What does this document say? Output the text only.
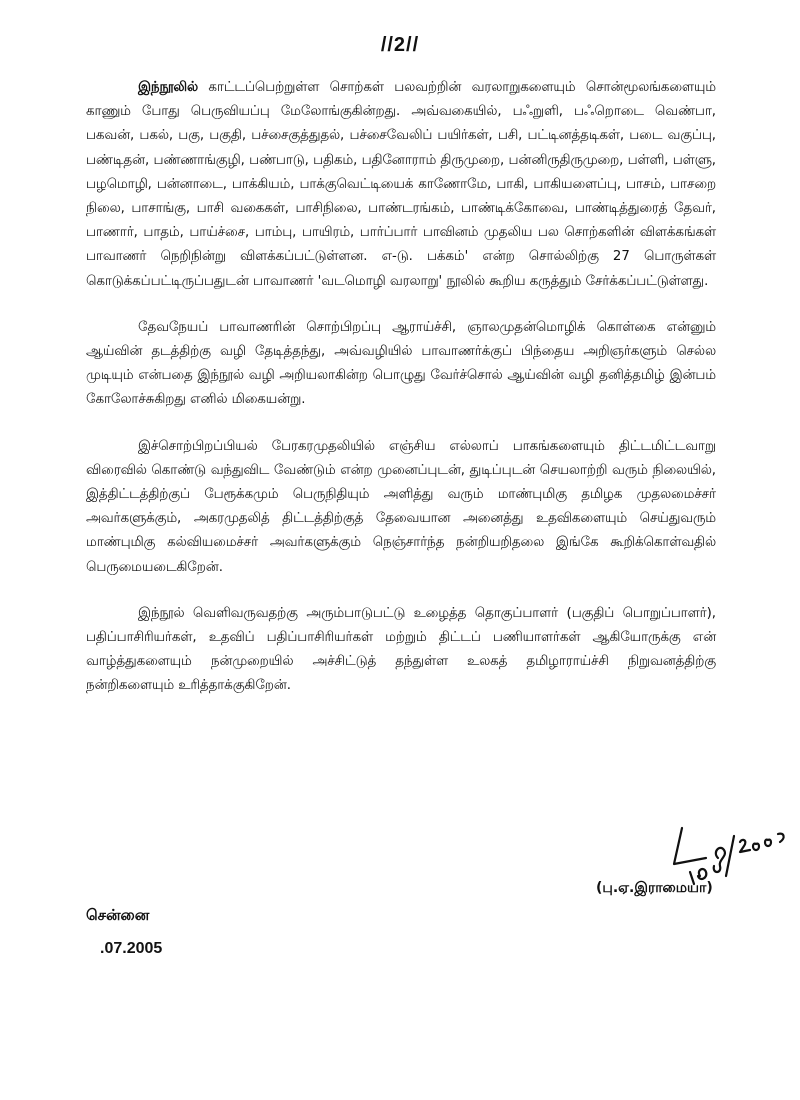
//2//

இந்நூலில் காட்டப்பெற்றுள்ள சொற்கள் பலவற்றின் வரலாறுகளையும் சொன்மூலங்களையும் காணும் போது பெருவியப்பு மேலோங்குகின்றது. அவ்வகையில், பஃறுளி, பஃறொடை வெண்பா, பகவன், பகல், பகு, பகுதி, பச்சைகுத்துதல், பச்சைவேலிப் பயிர்கள், பசி, பட்டினத்தடிகள், படை வகுப்பு, பண்டிதன், பண்ணாங்குழி, பண்பாடு, பதிகம், பதினோராம் திருமுறை, பன்னிருதிருமுறை, பள்ளி, பள்ளு, பழமொழி, பன்னாடை, பாக்கியம், பாக்குவெட்டியைக் காணோமே, பாகி, பாகியளைப்பு, பாசம், பாசறை நிலை, பாசாங்கு, பாசி வகைகள், பாசிநிலை, பாண்டரங்கம், பாண்டிக்கோவை, பாண்டித்துரைத் தேவர், பாணார், பாதம், பாய்ச்சை, பாம்பு, பாயிரம், பார்ப்பார் பாவினம் முதலிய பல சொற்களின் விளக்கங்கள் பாவாணர் நெறிநின்று விளக்கப்பட்டுள்ளன. எ-டு. பக்கம்' என்ற சொல்லிற்கு 27 பொருள்கள் கொடுக்கப்பட்டிருப்பதுடன் பாவாணர் 'வடமொழி வரலாறு' நூலில் கூறிய கருத்தும் சேர்க்கப்பட்டுள்ளது.

தேவநேயப் பாவாணரின் சொற்பிறப்பு ஆராய்ச்சி, ஞாலமுதன்மொழிக் கொள்கை என்னும் ஆய்வின் தடத்திற்கு வழி தேடித்தந்து, அவ்வழியில் பாவாணர்க்குப் பிந்தைய அறிஞர்களும் செல்ல முடியும் என்பதை இந்நூல் வழி அறியலாகின்ற பொழுது வேர்ச்சொல் ஆய்வின் வழி தனித்தமிழ் இன்பம் கோலோச்சுகிறது எனில் மிகையன்று.

இச்சொற்பிறப்பியல் பேரகரமுதலியில் எஞ்சிய எல்லாப் பாகங்களையும் திட்டமிட்டவாறு விரைவில் கொண்டு வந்துவிட வேண்டும் என்ற முனைப்புடன், துடிப்புடன் செயலாற்றி வரும் நிலையில், இத்திட்டத்திற்குப் பேரூக்கமும் பெருநிதியும் அளித்து வரும் மாண்புமிகு தமிழக முதலமைச்சர் அவர்களுக்கும், அகரமுதலித் திட்டத்திற்குத் தேவையான அனைத்து உதவிகளையும் செய்துவரும் மாண்புமிகு கல்வியமைச்சர் அவர்களுக்கும் நெஞ்சார்ந்த நன்றியறிதலை இங்கே கூறிக்கொள்வதில் பெருமையடைகிறேன்.

இந்நூல் வெளிவருவதற்கு அரும்பாடுபட்டு உழைத்த தொகுப்பாளர் (பகுதிப் பொறுப்பாளர்), பதிப்பாசிரியர்கள், உதவிப் பதிப்பாசிரியர்கள் மற்றும் திட்டப் பணியாளர்கள் ஆகியோருக்கு என் வாழ்த்துகளையும் நன்முறையில் அச்சிட்டுத் தந்துள்ள உலகத் தமிழாராய்ச்சி நிறுவனத்திற்கு நன்றிகளையும் உரித்தாக்குகிறேன்.

(பு.ஏ.இராமையா)
சென்னை
.07.2005
